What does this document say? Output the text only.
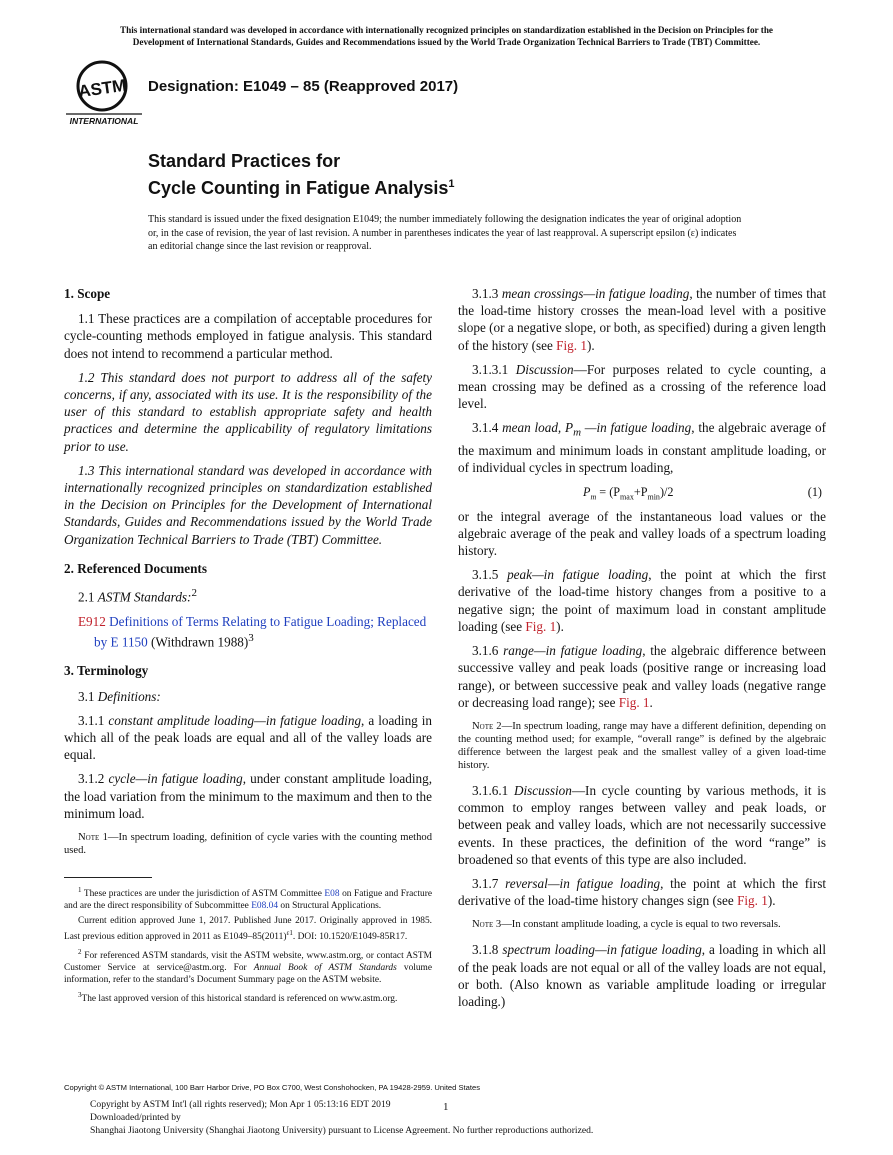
This international standard was developed in accordance with internationally recognized principles on standardization established in the Decision on Principles for the
Development of International Standards, Guides and Recommendations issued by the World Trade Organization Technical Barriers to Trade (TBT) Committee.
ASTM
INTERNATIONAL
Designation: E1049 – 85 (Reapproved 2017)
Standard Practices for
Cycle Counting in Fatigue Analysis$^1$
This standard is issued under the fixed designation E1049; the number immediately following the designation indicates the year of original adoption or, in the case of revision, the year of last revision. A number in parentheses indicates the year of last reapproval. A superscript epsilon (ε) indicates an editorial change since the last revision or reapproval.
1. Scope
1.1 These practices are a compilation of acceptable procedures for cycle-counting methods employed in fatigue analysis. This standard does not intend to recommend a particular method.
1.2 This standard does not purport to address all of the safety concerns, if any, associated with its use. It is the responsibility of the user of this standard to establish appropriate safety and health practices and determine the applicability of regulatory limitations prior to use.
1.3 This international standard was developed in accordance with internationally recognized principles on standardization established in the Decision on Principles for the Development of International Standards, Guides and Recommendations issued by the World Trade Organization Technical Barriers to Trade (TBT) Committee.
2. Referenced Documents
2.1 ASTM Standards:$^2$
E912 Definitions of Terms Relating to Fatigue Loading; Replaced by E 1150 (Withdrawn 1988)$^3$
3. Terminology
3.1 Definitions:
3.1.1 constant amplitude loading—in fatigue loading, a loading in which all of the peak loads are equal and all of the valley loads are equal.
3.1.2 cycle—in fatigue loading, under constant amplitude loading, the load variation from the minimum to the maximum and then to the minimum load.
Note 1—In spectrum loading, definition of cycle varies with the counting method used.
$^1$ These practices are under the jurisdiction of ASTM Committee E08 on Fatigue and Fracture and are the direct responsibility of Subcommittee E08.04 on Structural Applications.
Current edition approved June 1, 2017. Published June 2017. Originally approved in 1985. Last previous edition approved in 2011 as $E1049-85(2011)^{\varepsilon 1}$. DOI: 10.1520/E1049-85R17.
$^2$ For referenced ASTM standards, visit the ASTM website, www.astm.org, or contact ASTM Customer Service at service@astm.org. For Annual Book of ASTM Standards volume information, refer to the standard’s Document Summary page on the ASTM website.
$^3$The last approved version of this historical standard is referenced on www.astm.org.
3.1.3 mean crossings—in fatigue loading, the number of times that the load-time history crosses the mean-load level with a positive slope (or a negative slope, or both, as specified) during a given length of the history (see Fig. 1).
3.1.3.1 Discussion—For purposes related to cycle counting, a mean crossing may be defined as a crossing of the reference load level.
3.1.4 mean load, $P_m$ —in fatigue loading, the algebraic average of the maximum and minimum loads in constant amplitude loading, or of individual cycles in spectrum loading,
$P_m = (P_{max}+P_{min})/2$	(1)
or the integral average of the instantaneous load values or the algebraic average of the peak and valley loads of a spectrum loading history.
3.1.5 peak—in fatigue loading, the point at which the first derivative of the load-time history changes from a positive to a negative sign; the point of maximum load in constant amplitude loading (see Fig. 1).
3.1.6 range—in fatigue loading, the algebraic difference between successive valley and peak loads (positive range or increasing load range), or between successive peak and valley loads (negative range or decreasing load range); see Fig. 1.
Note 2—In spectrum loading, range may have a different definition, depending on the counting method used; for example, “overall range” is defined by the algebraic difference between the largest peak and the smallest valley of a given load-time history.
3.1.6.1 Discussion—In cycle counting by various methods, it is common to employ ranges between valley and peak loads, or between peak and valley loads, which are not necessarily successive events. In these practices, the definition of the word “range” is broadened so that events of this type are also included.
3.1.7 reversal—in fatigue loading, the point at which the first derivative of the load-time history changes sign (see Fig. 1).
Note 3—In constant amplitude loading, a cycle is equal to two reversals.
3.1.8 spectrum loading—in fatigue loading, a loading in which all of the peak loads are not equal or all of the valley loads are not equal, or both. (Also known as variable amplitude loading or irregular loading.)
Copyright © ASTM International, 100 Barr Harbor Drive, PO Box C700, West Conshohocken, PA 19428-2959. United States
Copyright by ASTM Int'l (all rights reserved); Mon Apr 1 05:13:16 EDT 2019
Downloaded/printed by
Shanghai Jiaotong University (Shanghai Jiaotong University) pursuant to License Agreement. No further reproductions authorized.
1
